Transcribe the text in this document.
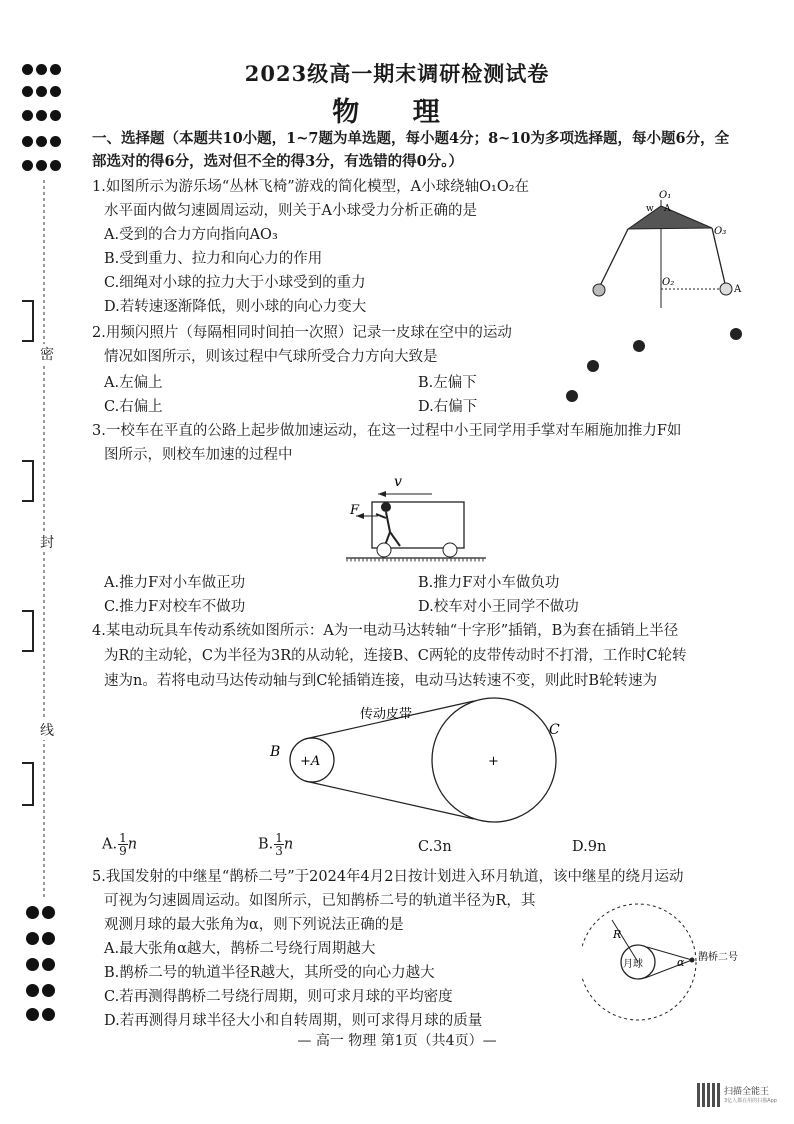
密
封
线
2023级高一期末调研检测试卷
物 理
一、选择题（本题共10小题，1~7题为单选题，每小题4分；8~10为多项选择题，每小题6分，全
部选对的得6分，选对但不全的得3分，有选错的得0分。）
1.如图所示为游乐场“丛林飞椅”游戏的简化模型，A小球绕轴O₁O₂在
水平面内做匀速圆周运动，则关于A小球受力分析正确的是
A.受到的合力方向指向AO₃
B.受到重力、拉力和向心力的作用
C.细绳对小球的拉力大于小球受到的重力
D.若转速逐渐降低，则小球的向心力变大
O₁
w A
O₃
O₂
A
2.用频闪照片（每隔相同时间拍一次照）记录一皮球在空中的运动
情况如图所示，则该过程中气球所受合力方向大致是
A.左偏上	B.左偏下
C.右偏上	D.右偏下
3.一校车在平直的公路上起步做加速运动，在这一过程中小王同学用手掌对车厢施加推力F如
图所示，则校车加速的过程中
A.推力F对小车做正功	B.推力F对小车做负功
C.推力F对校车不做功	D.校车对小王同学不做功
v
F
4.某电动玩具车传动系统如图所示：A为一电动马达转轴“十字形”插销，B为套在插销上半径
为R的主动轮，C为半径为3R的从动轮，连接B、C两轮的皮带传动时不打滑，工作时C轮转
速为n。若将电动马达传动轴与到C轮插销连接，电动马达转速不变，则此时B轮转速为
A. $\frac{1}{9}$ n	B. $\frac{1}{3}$ n	C.3n	D.9n
传动皮带
B
+A
C
+
5.我国发射的中继星“鹊桥二号”于2024年4月2日按计划进入环月轨道，该中继星的绕月运动
可视为匀速圆周运动。如图所示，已知鹊桥二号的轨道半径为R，其
观测月球的最大张角为α，则下列说法正确的是
A.最大张角α越大，鹊桥二号绕行周期越大
B.鹊桥二号的轨道半径R越大，其所受的向心力越大
C.若再测得鹊桥二号绕行周期，则可求月球的平均密度
D.若再测得月球半径大小和自转周期，则可求得月球的质量
R
月球	α 鹊桥二号
— 高一 物理 第1页（共4页）—
扫描全能王
3亿人都在用的扫描App
